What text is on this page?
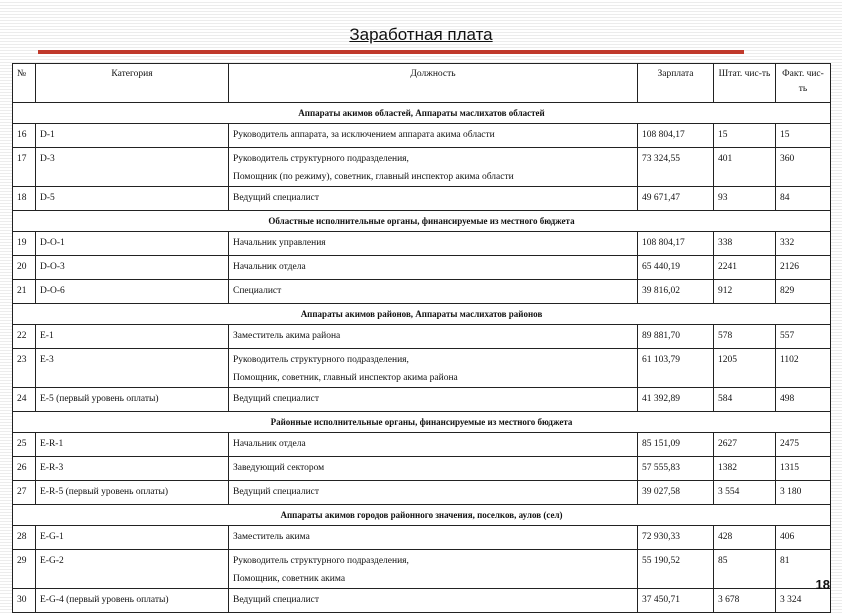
Заработная плата
№	Категория	Должность	Зарплата	Штат. чис-ть	Факт. чис-ть
Аппараты акимов областей, Аппараты маслихатов областей					
16	D-1	Руководитель аппарата, за исключением аппарата акима области	108 804,17	15	15
17	D-3	Руководитель структурного подразделения,
Помощник (по режиму), советник, главный инспектор акима области	73 324,55	401	360
18	D-5	Ведущий специалист	49 671,47	93	84
Областные исполнительные органы, финансируемые из местного бюджета					
19	D-O-1	Начальник управления	108 804,17	338	332
20	D-O-3	Начальник отдела	65 440,19	2241	2126
21	D-O-6	Специалист	39 816,02	912	829
Аппараты акимов районов, Аппараты маслихатов районов					
22	E-1	Заместитель акима района	89 881,70	578	557
23	E-3	Руководитель структурного подразделения,
Помощник, советник, главный инспектор акима района	61 103,79	1205	1102
24	E-5 (первый уровень оплаты)	Ведущий специалист	41 392,89	584	498
Районные исполнительные органы, финансируемые из местного бюджета					
25	E-R-1	Начальник отдела	85 151,09	2627	2475
26	E-R-3	Заведующий сектором	57 555,83	1382	1315
27	E-R-5 (первый уровень оплаты)	Ведущий специалист	39 027,58	3 554	3 180
Аппараты акимов городов районного значения, поселков, аулов (сел)					
28	E-G-1	Заместитель акима	72 930,33	428	406
29	E-G-2	Руководитель структурного подразделения,
Помощник, советник акима	55 190,52	85	81
30	E-G-4 (первый уровень оплаты)	Ведущий специалист	37 450,71	3 678	3 324
18
